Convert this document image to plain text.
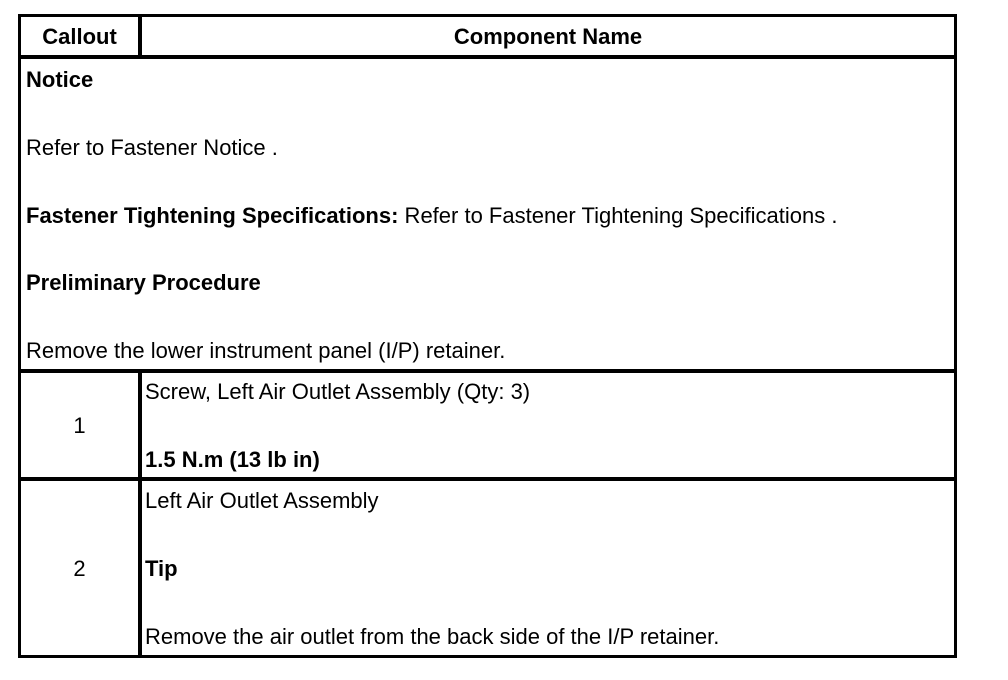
Callout	Component Name
Notice
Refer to Fastener Notice .
Fastener Tightening Specifications: Refer to Fastener Tightening Specifications .
Preliminary Procedure
Remove the lower instrument panel (I/P) retainer.
1
Screw, Left Air Outlet Assembly (Qty: 3)
1.5 N.m (13 lb in)
2
Left Air Outlet Assembly
Tip
Remove the air outlet from the back side of the I/P retainer.
